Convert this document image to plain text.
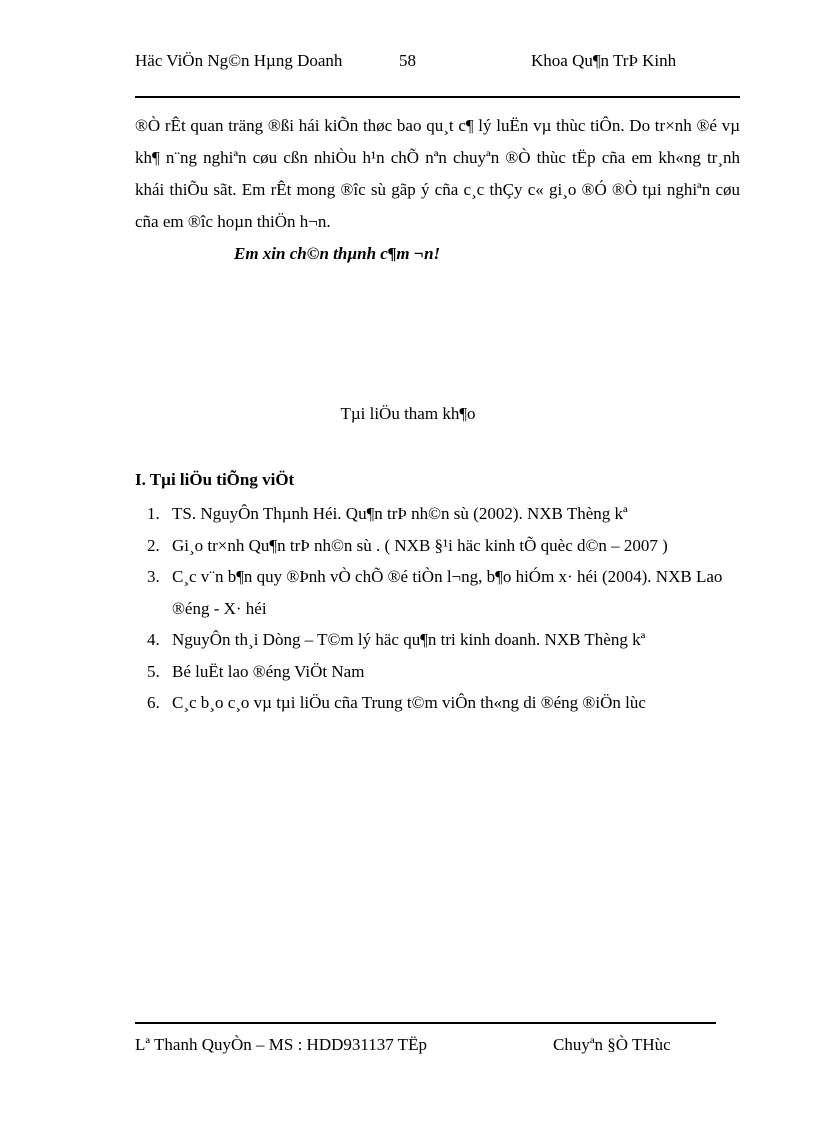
Häc ViÖn Ng©n Hµng Doanh	58	Khoa Qu¶n TrÞ Kinh

®Ò rÊt quan träng ®ßi hái kiÕn thøc bao qu¸t c¶ lý luËn vµ thùc tiÔn. Do tr×nh ®é vµ kh¶ n¨ng nghiªn cøu cßn nhiÒu h¹n chÕ nªn chuyªn ®Ò thùc tËp cña em kh«ng tr¸nh khái thiÕu sãt. Em rÊt mong ®îc sù gãp ý cña c¸c thÇy c« gi¸o ®Ó ®Ò tµi nghiªn cøu cña em ®îc hoµn thiÖn h¬n.

Em xin ch©n thµnh c¶m ¬n!
Tµi liÖu tham kh¶o
I. Tµi liÖu tiÕng viÖt
1. TS. NguyÔn Thµnh Héi. Qu¶n trÞ nh©n sù (2002). NXB Thèng kª
2. Gi¸o tr×nh Qu¶n trÞ nh©n sù . ( NXB §¹i häc kinh tÕ quèc d©n – 2007 )
3. C¸c v¨n b¶n quy ®Þnh vÒ chÕ ®é tiÒn l¬ng, b¶o hiÓm x· héi (2004). NXB Lao ®éng - X· héi
4. NguyÔn th¸i Dòng – T©m lý häc qu¶n tri kinh doanh. NXB Thèng kª
5. Bé luËt lao ®éng ViÖt Nam
6. C¸c b¸o c¸o vµ tµi liÖu cña Trung t©m viÔn th«ng di ®éng ®iÖn lùc
Lª Thanh QuyÒn – MS : HDD931137 TËp	Chuyªn §Ò THùc
